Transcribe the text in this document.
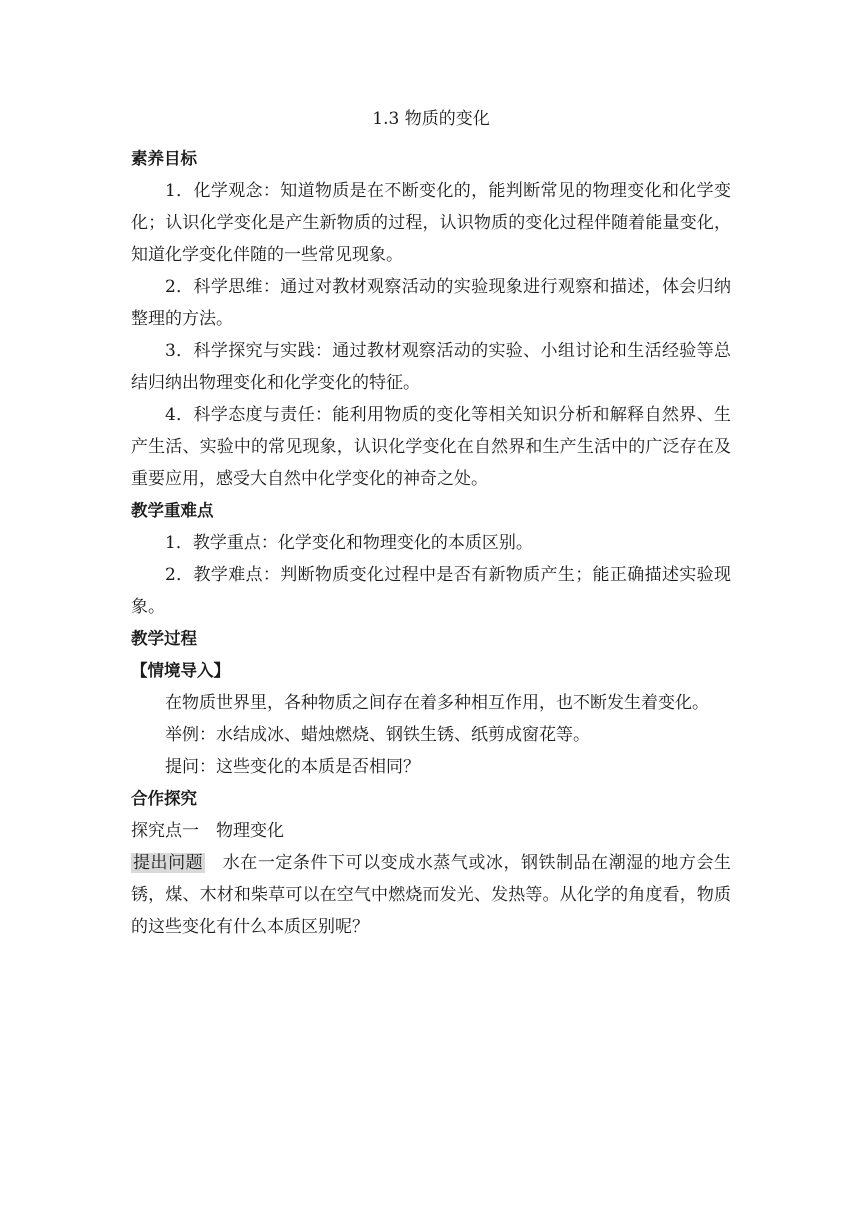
1.3 物质的变化
素养目标

1．化学观念：知道物质是在不断变化的，能判断常见的物理变化和化学变化；认识化学变化是产生新物质的过程，认识物质的变化过程伴随着能量变化，知道化学变化伴随的一些常见现象。

2．科学思维：通过对教材观察活动的实验现象进行观察和描述，体会归纳整理的方法。

3．科学探究与实践：通过教材观察活动的实验、小组讨论和生活经验等总结归纳出物理变化和化学变化的特征。

4．科学态度与责任：能利用物质的变化等相关知识分析和解释自然界、生产生活、实验中的常见现象，认识化学变化在自然界和生产生活中的广泛存在及重要应用，感受大自然中化学变化的神奇之处。

教学重难点

1．教学重点：化学变化和物理变化的本质区别。

2．教学难点：判断物质变化过程中是否有新物质产生；能正确描述实验现象。

教学过程
【情境导入】

在物质世界里，各种物质之间存在着多种相互作用，也不断发生着变化。

举例：水结成冰、蜡烛燃烧、钢铁生锈、纸剪成窗花等。

提问：这些变化的本质是否相同？

合作探究

探究点一　物理变化

提出问题　水在一定条件下可以变成水蒸气或冰，钢铁制品在潮湿的地方会生锈，煤、木材和柴草可以在空气中燃烧而发光、发热等。从化学的角度看，物质的这些变化有什么本质区别呢？
